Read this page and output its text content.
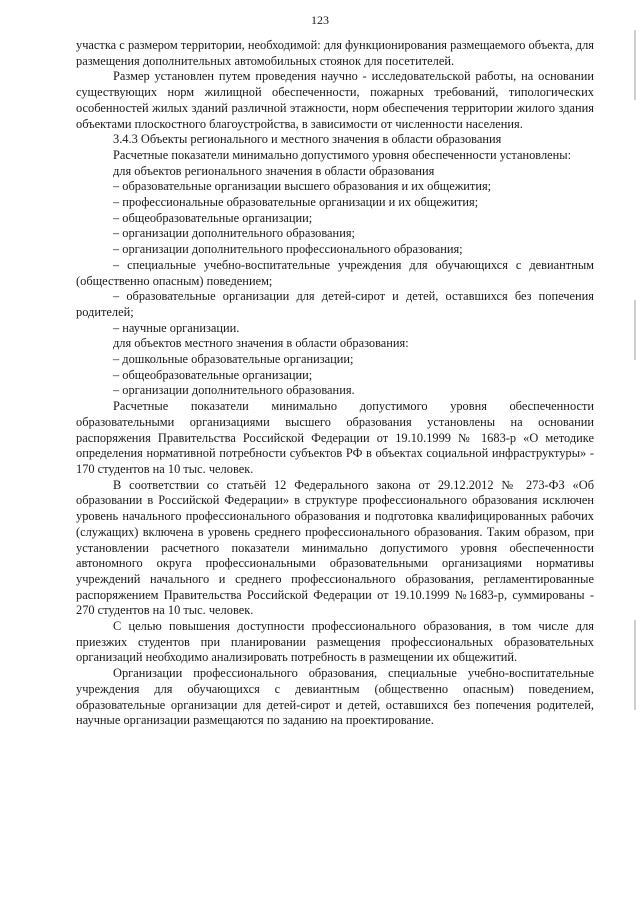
123

участка с размером территории, необходимой: для функционирования размещаемого объекта, для размещения дополнительных автомобильных стоянок для посетителей.

Размер установлен путем проведения научно - исследовательской работы, на основании существующих норм жилищной обеспеченности, пожарных требований, типологических особенностей жилых зданий различной этажности, норм обеспечения территории жилого здания объектами плоскостного благоустройства, в зависимости от численности населения.

3.4.3 Объекты регионального и местного значения в области образования

Расчетные показатели минимально допустимого уровня обеспеченности установлены:

для объектов регионального значения в области образования

– образовательные организации высшего образования и их общежития;

– профессиональные образовательные организации и их общежития;

– общеобразовательные организации;

– организации дополнительного образования;

– организации дополнительного профессионального образования;

– специальные учебно-воспитательные учреждения для обучающихся с девиантным (общественно опасным) поведением;

– образовательные организации для детей-сирот и детей, оставшихся без попечения родителей;

– научные организации.

для объектов местного значения в области образования:

– дошкольные образовательные организации;

– общеобразовательные организации;

– организации дополнительного образования.

Расчетные показатели минимально допустимого уровня обеспеченности образовательными организациями высшего образования установлены на основании распоряжения Правительства Российской Федерации от 19.10.1999 № 1683-р «О методике определения нормативной потребности субъектов РФ в объектах социальной инфраструктуры» - 170 студентов на 10 тыс. человек.

В соответствии со статьёй 12 Федерального закона от 29.12.2012 № 273-ФЗ «Об образовании в Российской Федерации» в структуре профессионального образования исключен уровень начального профессионального образования и подготовка квалифицированных рабочих (служащих) включена в уровень среднего профессионального образования. Таким образом, при установлении расчетного показатели минимально допустимого уровня обеспеченности автономного округа профессиональными образовательными организациями нормативы учреждений начального и среднего профессионального образования, регламентированные распоряжением Правительства Российской Федерации от 19.10.1999 №1683-р, суммированы - 270 студентов на 10 тыс. человек.

С целью повышения доступности профессионального образования, в том числе для приезжих студентов при планировании размещения профессиональных образовательных организаций необходимо анализировать потребность в размещении их общежитий.

Организации профессионального образования, специальные учебно-воспитательные учреждения для обучающихся с девиантным (общественно опасным) поведением, образовательные организации для детей-сирот и детей, оставшихся без попечения родителей, научные организации размещаются по заданию на проектирование.
